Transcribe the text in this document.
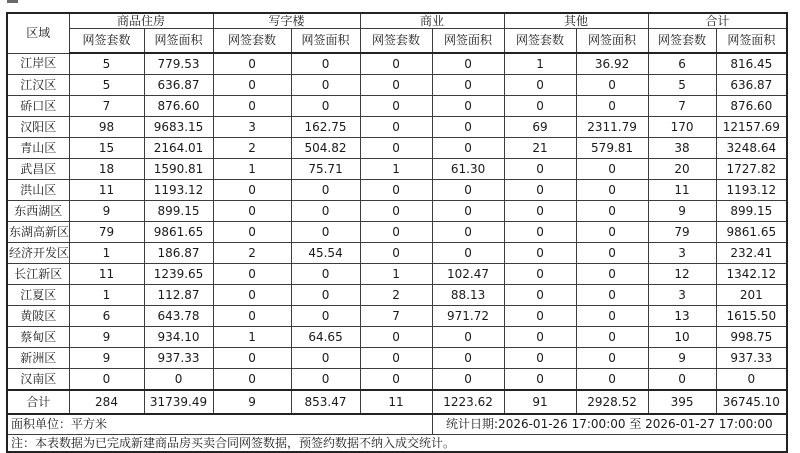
区域	商品住房		写字楼		商业		其他		合计	
	网签套数	网签面积	网签套数	网签面积	网签套数	网签面积	网签套数	网签面积	网签套数	网签面积
江岸区	5	779.53	0	0	0	0	1	36.92	6	816.45
江汉区	5	636.87	0	0	0	0	0	0	5	636.87
硚口区	7	876.60	0	0	0	0	0	0	7	876.60
汉阳区	98	9683.15	3	162.75	0	0	69	2311.79	170	12157.69
青山区	15	2164.01	2	504.82	0	0	21	579.81	38	3248.64
武昌区	18	1590.81	1	75.71	1	61.30	0	0	20	1727.82
洪山区	11	1193.12	0	0	0	0	0	0	11	1193.12
东西湖区	9	899.15	0	0	0	0	0	0	9	899.15
东湖高新区	79	9861.65	0	0	0	0	0	0	79	9861.65
经济开发区	1	186.87	2	45.54	0	0	0	0	3	232.41
长江新区	11	1239.65	0	0	1	102.47	0	0	12	1342.12
江夏区	1	112.87	0	0	2	88.13	0	0	3	201
黄陂区	6	643.78	0	0	7	971.72	0	0	13	1615.50
蔡甸区	9	934.10	1	64.65	0	0	0	0	10	998.75
新洲区	9	937.33	0	0	0	0	0	0	9	937.33
汉南区	0	0	0	0	0	0	0	0	0	0
合计	284	31739.49	9	853.47	11	1223.62	91	2928.52	395	36745.10
面积单位：平方米						统计日期:2026-01-26 17:00:00 至 2026-01-27 17:00:00				
注：本表数据为已完成新建商品房买卖合同网签数据，预签约数据不纳入成交统计。										
